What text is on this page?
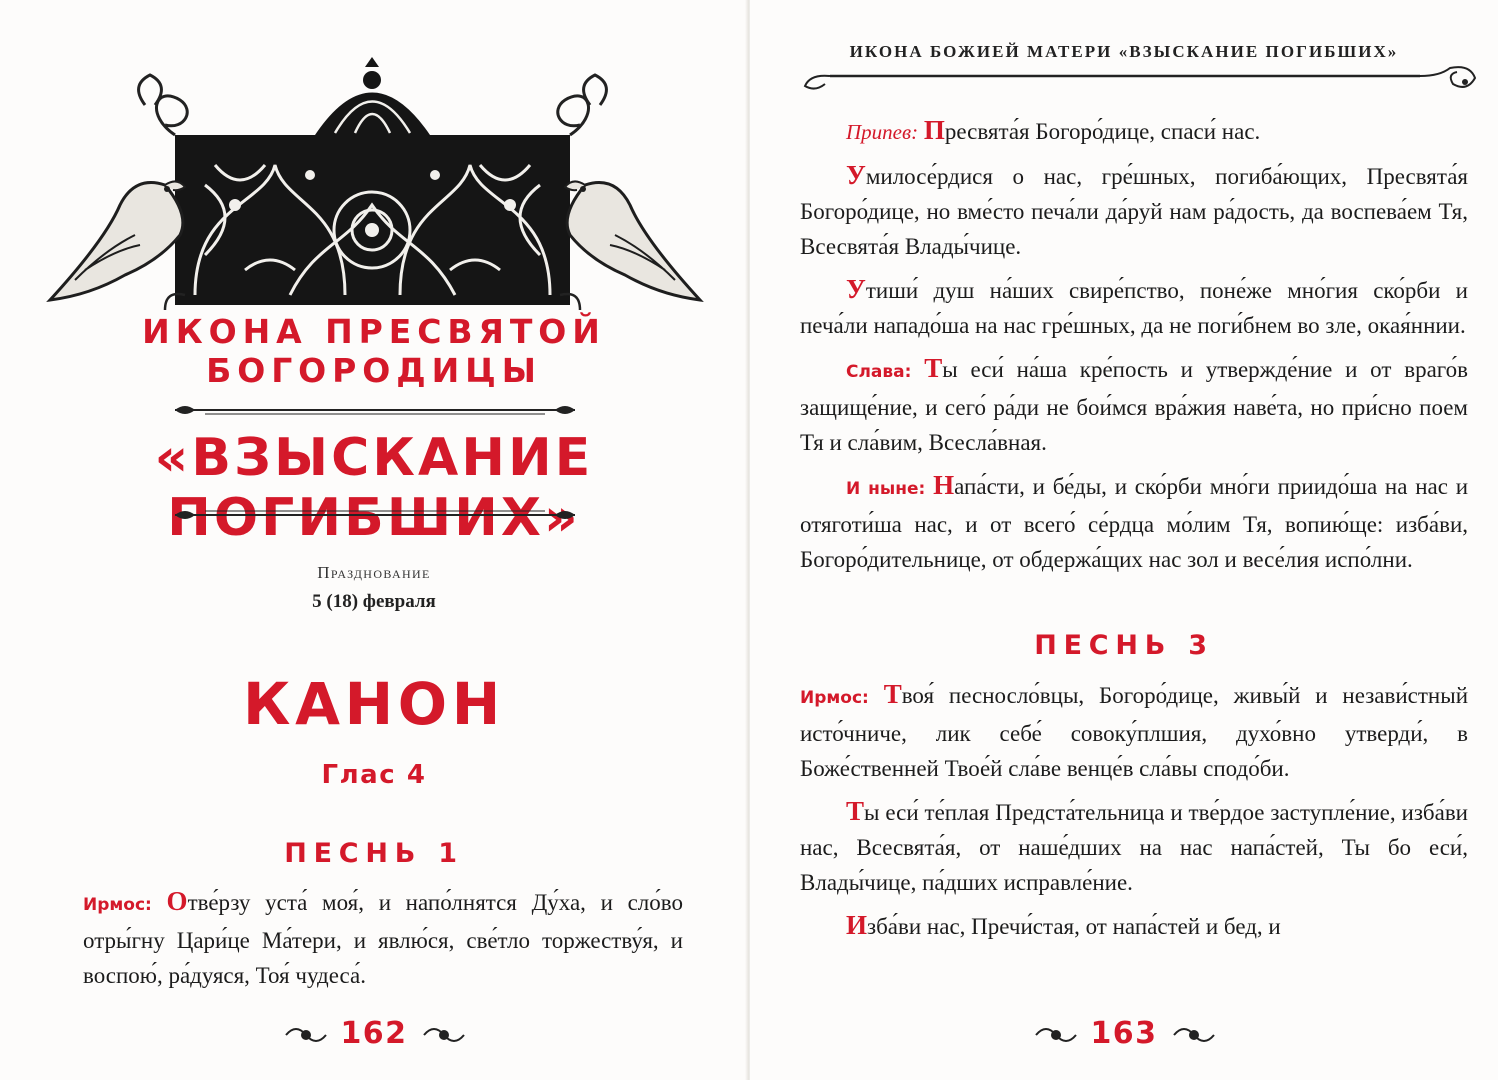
ИКОНА ПРЕСВЯТОЙ БОГОРОДИЦЫ
«ВЗЫСКАНИЕ ПОГИБШИХ»
Празднование
5 (18) февраля
КАНОН
Глас 4
ПЕСНЬ 1

Ирмос: Отве́рзу уста́ моя́, и напо́лнятся Ду́ха, и сло́во отры́гну Цари́це Ма́тери, и явлю́ся, све́тло торжеству́я, и воспою́, ра́дуяся, Тоя́ чудеса́.

162
ИКОНА БОЖИЕЙ МАТЕРИ «ВЗЫСКАНИЕ ПОГИБШИХ»

Припев: Пресвята́я Богоро́дице, спаси́ нас.

Умилосе́рдися о нас, гре́шных, погиба́ющих, Пресвята́я Богоро́дице, но вме́сто печа́ли да́руй нам ра́дость, да воспева́ем Тя, Всесвята́я Влады́чице.

Утиши́ душ на́ших свире́пство, поне́же мно́гия ско́рби и печа́ли нападо́ша на нас гре́шных, да не поги́бнем во зле, окая́ннии.

Слава: Ты еси́ на́ша кре́пость и утвержде́ние и от враго́в защище́ние, и сего́ ра́ди не бои́мся вра́жия наве́та, но при́сно поем Тя и сла́вим, Всесла́вная.

И ныне: Напа́сти, и бе́ды, и ско́рби мно́ги приидо́ша на нас и отяготи́ша нас, и от всего́ се́рдца мо́лим Тя, вопию́ще: изба́ви, Богоро́дительнице, от обдержа́щих нас зол и весе́лия испо́лни.

ПЕСНЬ 3

Ирмос: Твоя́ песносло́вцы, Богоро́дице, живы́й и незави́стный исто́чниче, лик себе́ совоку́плшия, духо́вно утверди́, в Боже́ственней Твое́й сла́ве венце́в сла́вы сподо́би.

Ты еси́ те́плая Предста́тельница и тве́рдое заступле́ние, изба́ви нас, Всесвята́я, от наше́дших на нас напа́стей, Ты бо еси́, Влады́чице, па́дших исправле́ние.

Изба́ви нас, Пречи́стая, от напа́стей и бед, и

163
